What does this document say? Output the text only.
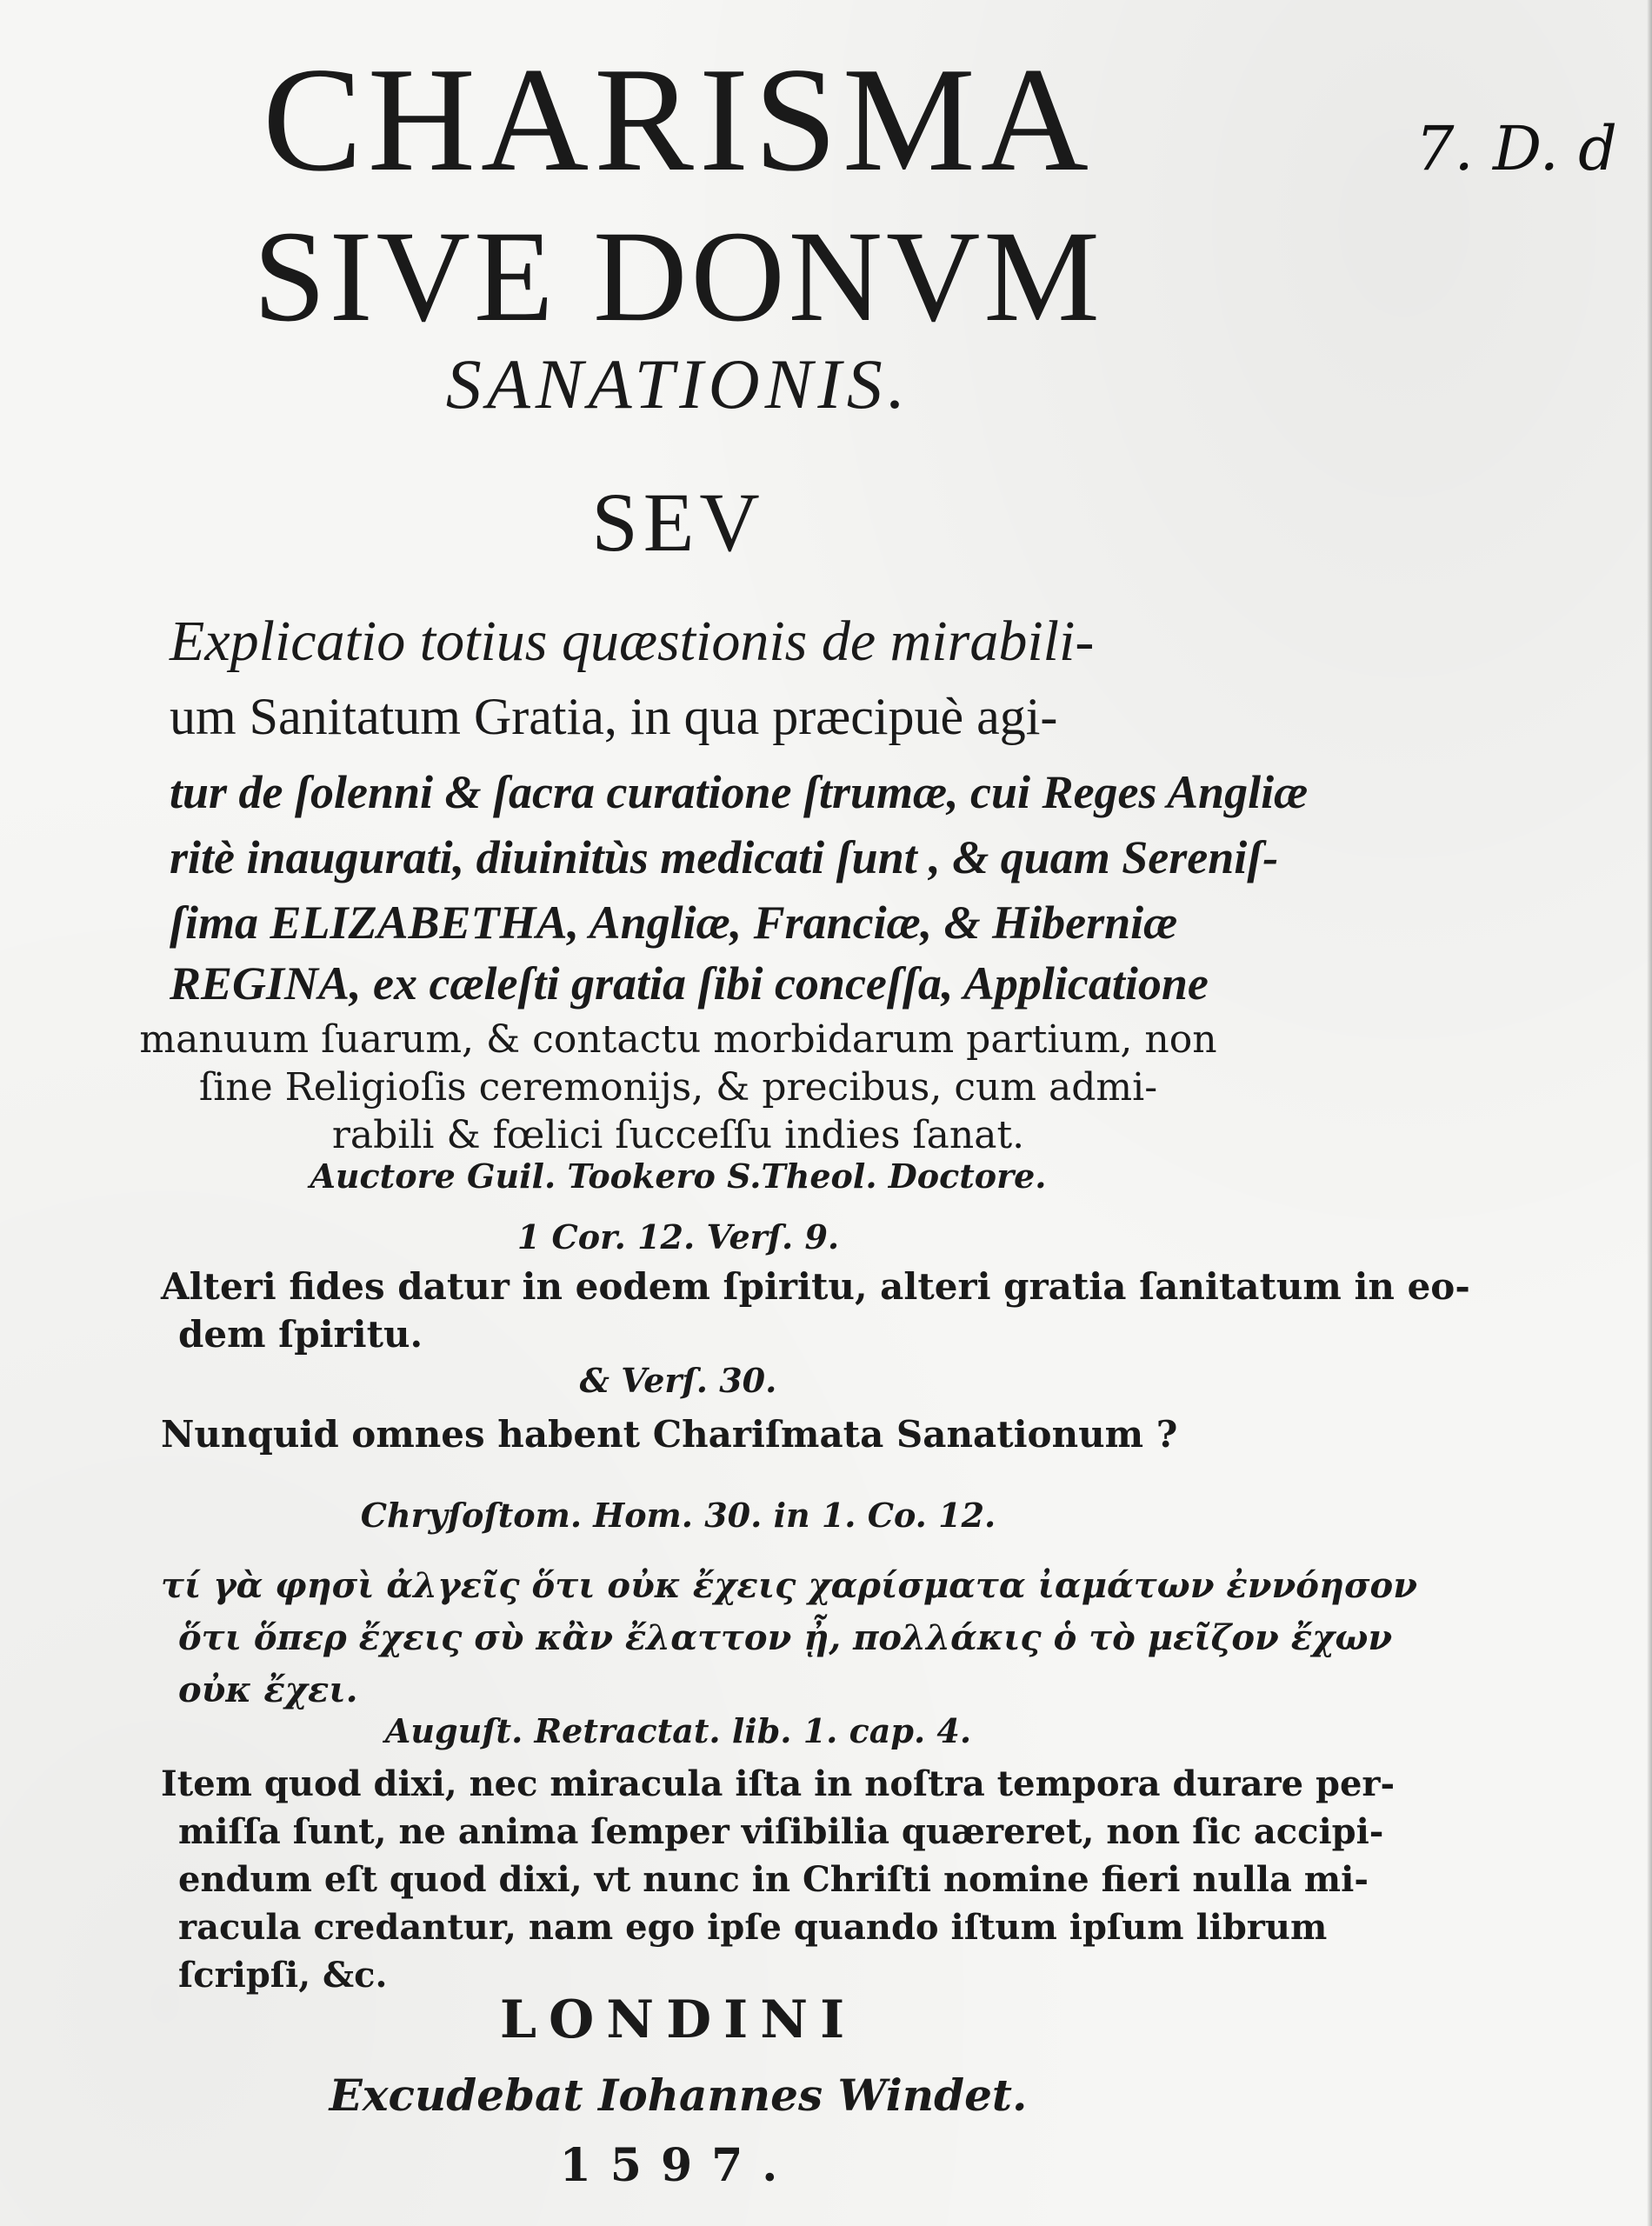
CHARISMA	7. D. d
SIVE DONVM
SANATIONIS.
SEV
Explicatio totius quæstionis de mirabili-
um Sanitatum Gratia, in qua præcipuè agi-
tur de ſolenni & ſacra curatione ſtrumæ, cui Reges Angliæ
ritè inaugurati, diuinitùs medicati ſunt , & quam Sereniſ-
ſima ELIZABETHA, Angliæ, Franciæ, & Hiberniæ
REGINA, ex cæleſti gratia ſibi conceſſa, Applicatione
manuum ſuarum, & contactu morbidarum partium, non
ſine Religioſis ceremonijs, & precibus, cum admi-
rabili & fœlici ſucceſſu indies ſanat.
Auctore Guil. Tookero S.Theol. Doctore.
1 Cor. 12. Verſ. 9.
Alteri fides datur in eodem ſpiritu, alteri gratia ſanitatum in eo-
dem ſpiritu.
& Verſ. 30.
Nunquid omnes habent Chariſmata Sanationum ?
Chryſoſtom. Hom. 30. in 1. Co. 12.
τί γὰ φησὶ ἀλγεῖς ὅτι οὐκ ἔχεις χαρίσματα ἰαμάτων ἐννόησον
ὅτι ὅπερ ἔχεις σὺ κἂν ἔλαττον ᾖ, πολλάκις ὁ τὸ μεῖζον ἔχων
οὐκ ἔχει.
Auguſt. Retractat. lib. 1. cap. 4.
Item quod dixi, nec miracula iſta in noſtra tempora durare per-
miſſa ſunt, ne anima ſemper viſibilia quæreret, non ſic accipi-
endum eſt quod dixi, vt nunc in Chriſti nomine fieri nulla mi-
racula credantur, nam ego ipſe quando iſtum ipſum librum
ſcripſi, &c.
LONDINI
Excudebat Iohannes Windet.
1597.
